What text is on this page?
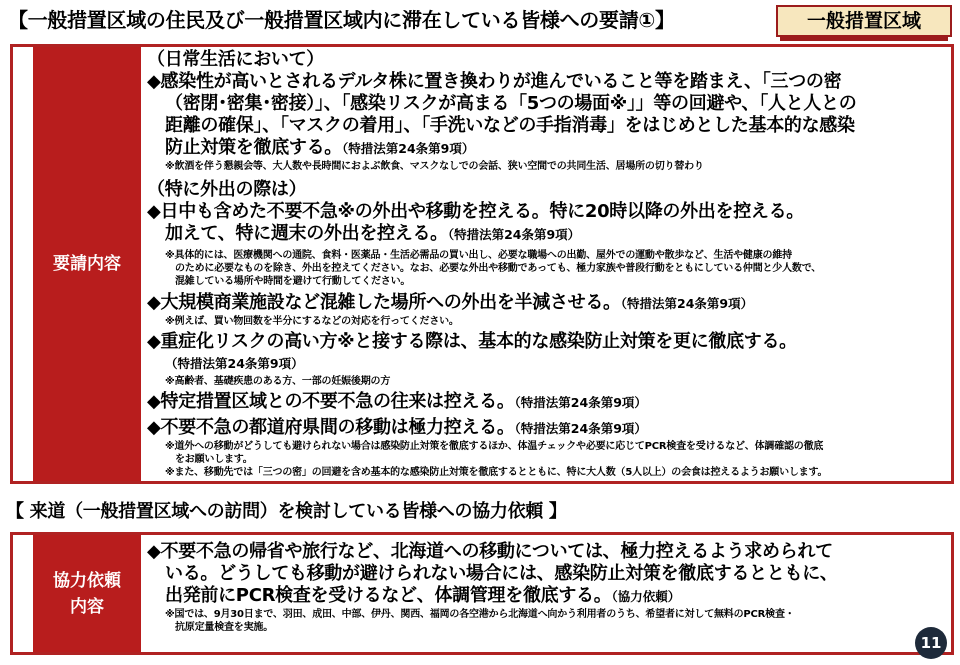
【一般措置区域の住民及び一般措置区域内に滞在している皆様への要請①】	一般措置区域
要請内容
（日常生活において）
◆感染性が高いとされるデルタ株に置き換わりが進んでいること等を踏まえ、「三つの密
（密閉･密集･密接）」、「感染リスクが高まる「5つの場面※」」等の回避や、「人と人との
距離の確保」、「マスクの着用」、「手洗いなどの手指消毒」をはじめとした基本的な感染
防止対策を徹底する。（特措法第24条第9項）
※飲酒を伴う懇親会等、大人数や長時間におよぶ飲食、マスクなしでの会話、狭い空間での共同生活、居場所の切り替わり
（特に外出の際は）
◆日中も含めた不要不急※の外出や移動を控える。特に20時以降の外出を控える。
加えて、特に週末の外出を控える。（特措法第24条第9項）
※具体的には、医療機関への通院、食料・医薬品・生活必需品の買い出し、必要な職場への出勤、屋外での運動や散歩など、生活や健康の維持
のために必要なものを除き、外出を控えてください。なお、必要な外出や移動であっても、極力家族や普段行動をともにしている仲間と少人数で、
混雑している場所や時間を避けて行動してください。
◆大規模商業施設など混雑した場所への外出を半減させる。（特措法第24条第9項）
※例えば、買い物回数を半分にするなどの対応を行ってください。
◆重症化リスクの高い方※と接する際は、基本的な感染防止対策を更に徹底する。
（特措法第24条第9項）
※高齢者、基礎疾患のある方、一部の妊娠後期の方
◆特定措置区域との不要不急の往来は控える。（特措法第24条第9項）
◆不要不急の都道府県間の移動は極力控える。（特措法第24条第9項）
※道外への移動がどうしても避けられない場合は感染防止対策を徹底するほか、体温チェックや必要に応じてPCR検査を受けるなど、体調確認の徹底
をお願いします。
※また、移動先では「三つの密」の回避を含め基本的な感染防止対策を徹底するとともに、特に大人数（5人以上）の会食は控えるようお願いします。
【 来道（一般措置区域への訪問）を検討している皆様への協力依頼 】
協力依頼
内容
◆不要不急の帰省や旅行など、北海道への移動については、極力控えるよう求められて
いる。どうしても移動が避けられない場合には、感染防止対策を徹底するとともに、
出発前にPCR検査を受けるなど、体調管理を徹底する。（協力依頼）
※国では、9月30日まで、羽田、成田、中部、伊丹、関西、福岡の各空港から北海道へ向かう利用者のうち、希望者に対して無料のPCR検査・
抗原定量検査を実施。
11
